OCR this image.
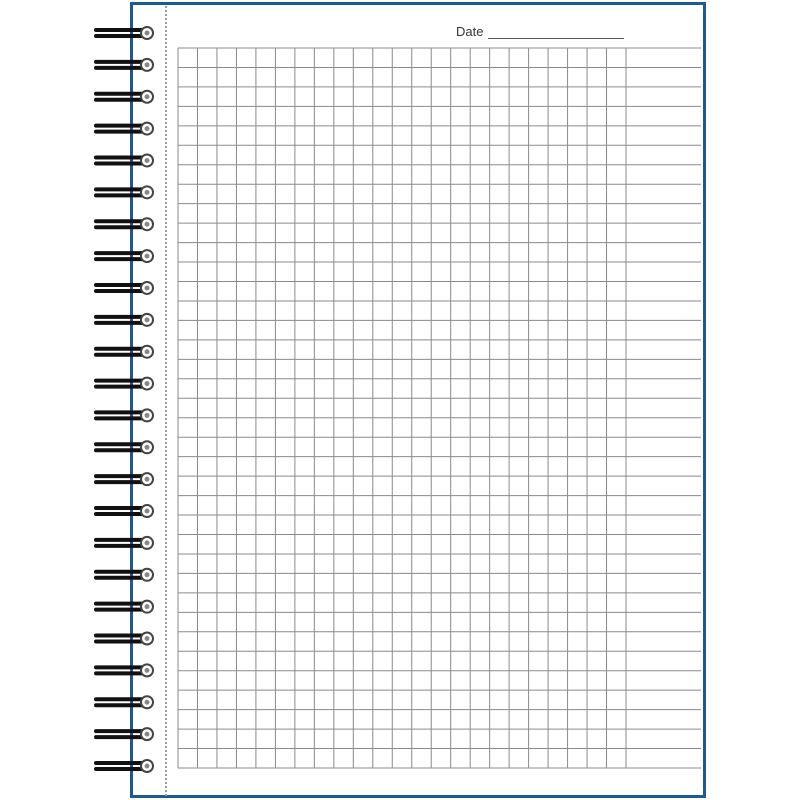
Date
